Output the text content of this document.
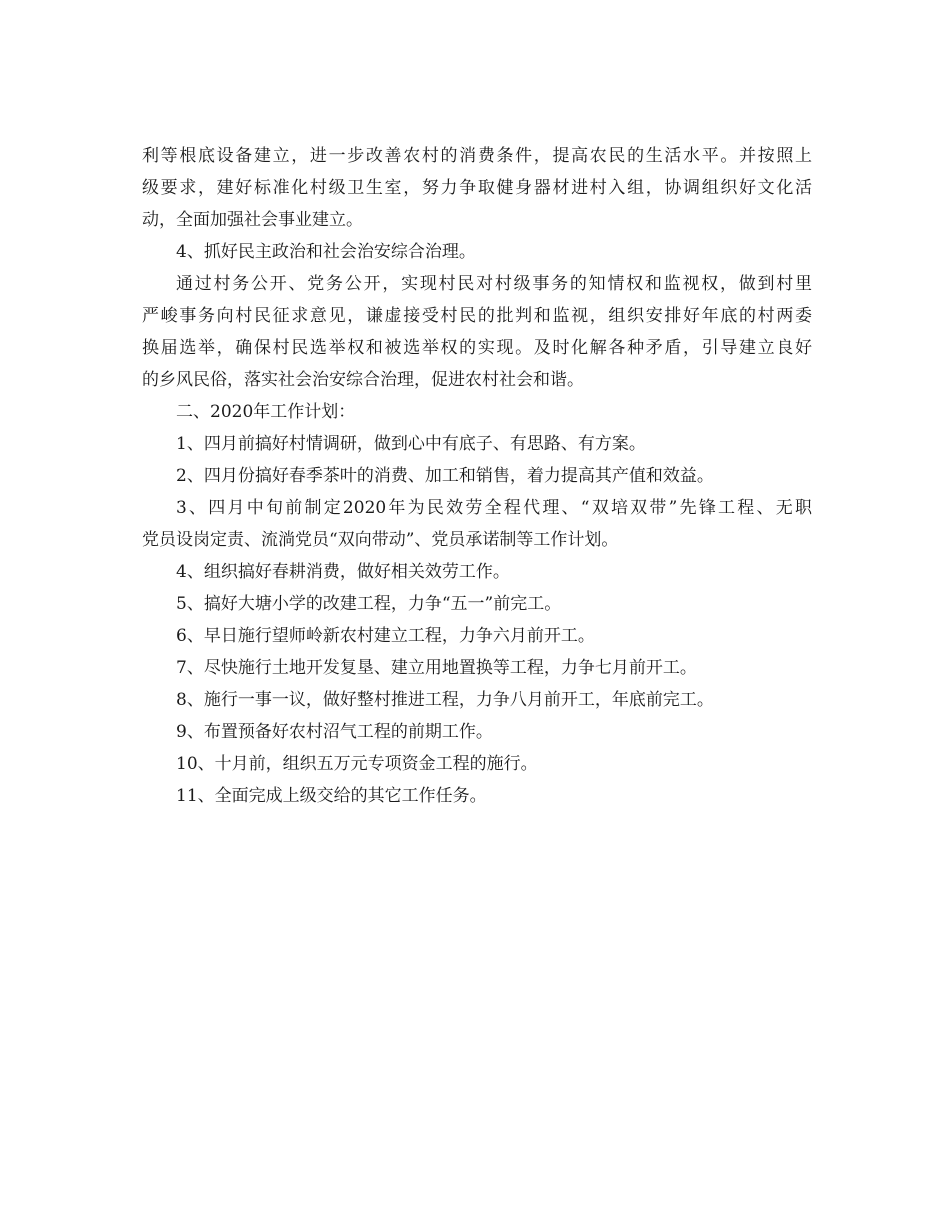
利等根底设备建立，进一步改善农村的消费条件，提高农民的生活水平。并按照上
级要求，建好标准化村级卫生室，努力争取健身器材进村入组，协调组织好文化活
动，全面加强社会事业建立。
4、抓好民主政治和社会治安综合治理。
通过村务公开、党务公开，实现村民对村级事务的知情权和监视权，做到村里
严峻事务向村民征求意见，谦虚接受村民的批判和监视，组织安排好年底的村两委
换届选举，确保村民选举权和被选举权的实现。及时化解各种矛盾，引导建立良好
的乡风民俗，落实社会治安综合治理，促进农村社会和谐。
二、2020年工作计划：
1、四月前搞好村情调研，做到心中有底子、有思路、有方案。
2、四月份搞好春季茶叶的消费、加工和销售，着力提高其产值和效益。
3、四月中旬前制定2020年为民效劳全程代理、“双培双带”先锋工程、无职
党员设岗定责、流淌党员“双向带动”、党员承诺制等工作计划。
4、组织搞好春耕消费，做好相关效劳工作。
5、搞好大塘小学的改建工程，力争“五一”前完工。
6、早日施行望师岭新农村建立工程，力争六月前开工。
7、尽快施行土地开发复垦、建立用地置换等工程，力争七月前开工。
8、施行一事一议，做好整村推进工程，力争八月前开工，年底前完工。
9、布置预备好农村沼气工程的前期工作。
10、十月前，组织五万元专项资金工程的施行。
11、全面完成上级交给的其它工作任务。
